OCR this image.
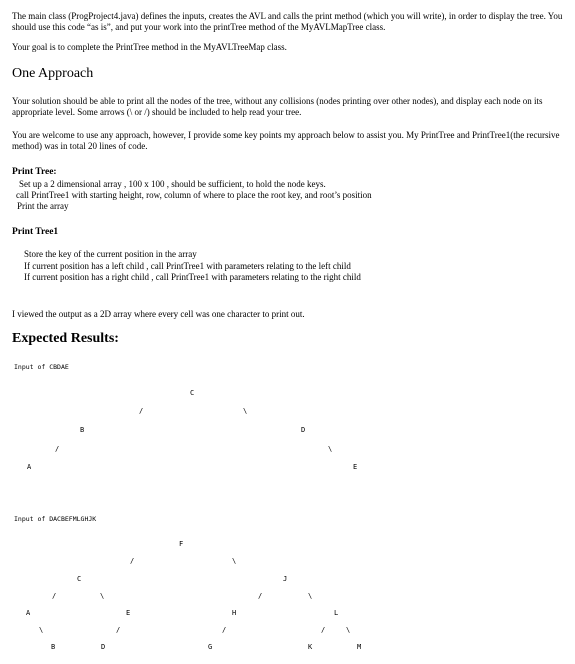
The main class (ProgProject4.java) defines the inputs, creates the AVL and calls the print method (which you will write), in order to display the tree. You should use this code “as is”, and put your work into the printTree method of the MyAVLMapTree class.
Your goal is to complete the PrintTree method in the MyAVLTreeMap class.
One Approach
Your solution should be able to print all the nodes of the tree, without any collisions (nodes printing over other nodes), and display each node on its appropriate level. Some arrows (\ or /) should be included to help read your tree.
You are welcome to use any approach, however, I provide some key points my approach below to assist you. My PrintTree and PrintTree1(the recursive method) was in total 20 lines of code.
Print Tree:
Set up a 2 dimensional array , 100 x 100 , should be sufficient, to hold the node keys.
call PrintTree1 with starting height, row, column of where to place the root key, and root’s position
Print the array
Print Tree1
Store the key of the current position in the array
If current position has a left child , call PrintTree1 with parameters relating to the left child
If current position has a right child , call PrintTree1 with parameters relating to the right child
I viewed the output as a 2D array where every cell was one character to print out.
Expected Results:
Input of CBDAE
C
/	\
B	D
/	\
A	E
Input of DACBEFMLGHJK
F
/	\
C	J
/	\	/	\
A	E	H	L
\	/	/	/	\
B	D	G	K	M
